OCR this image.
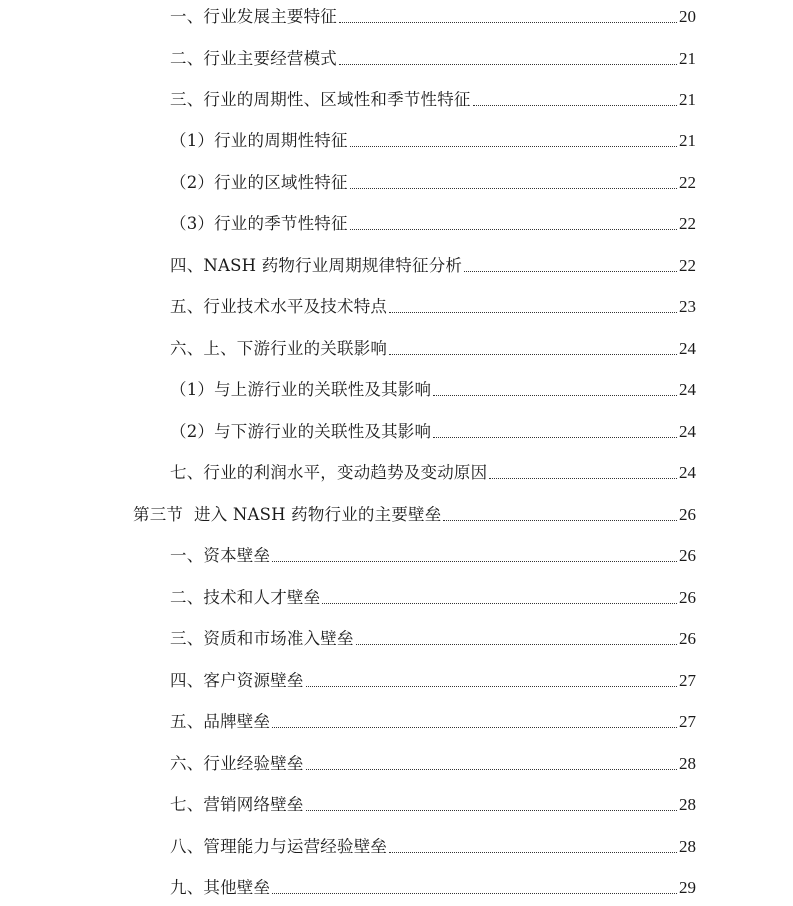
一、行业发展主要特征	20
二、行业主要经营模式	21
三、行业的周期性、区域性和季节性特征	21
（1）行业的周期性特征	21
（2）行业的区域性特征	22
（3）行业的季节性特征	22
四、NASH 药物行业周期规律特征分析	22
五、行业技术水平及技术特点	23
六、上、下游行业的关联影响	24
（1）与上游行业的关联性及其影响	24
（2）与下游行业的关联性及其影响	24
七、行业的利润水平，变动趋势及变动原因	24
第三节  进入 NASH 药物行业的主要壁垒	26
一、资本壁垒	26
二、技术和人才壁垒	26
三、资质和市场准入壁垒	26
四、客户资源壁垒	27
五、品牌壁垒	27
六、行业经验壁垒	28
七、营销网络壁垒	28
八、管理能力与运营经验壁垒	28
九、其他壁垒	29
